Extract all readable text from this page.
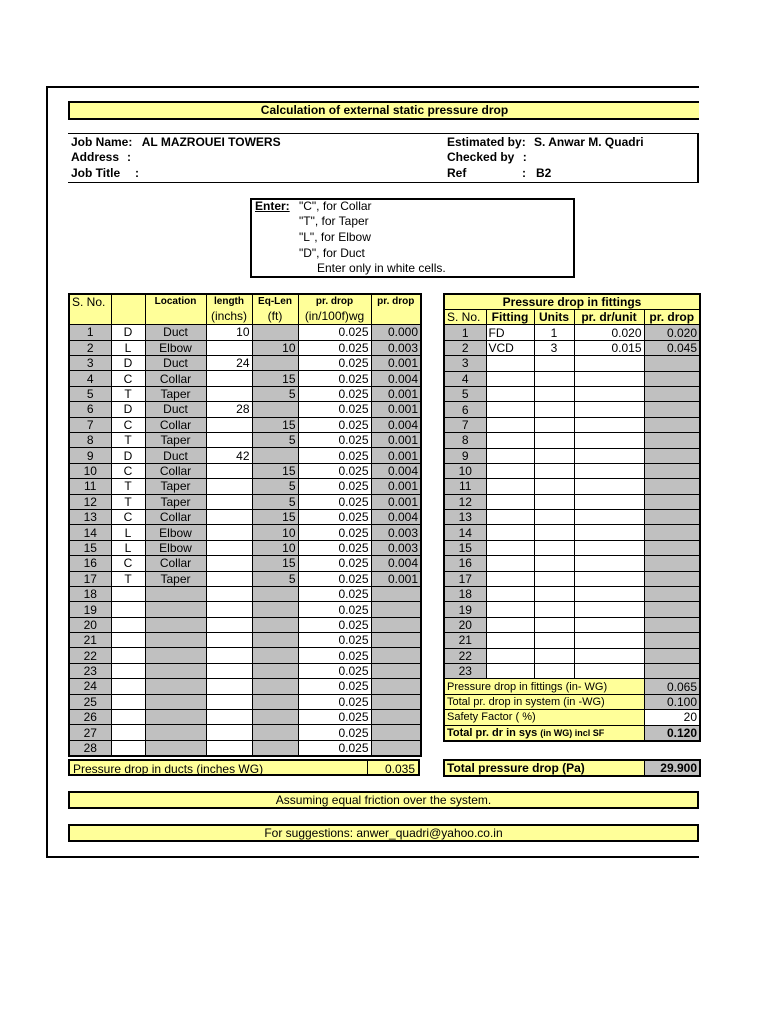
Calculation of external static pressure drop
Job Name: AL MAZROUEI TOWERS
Address :
Job Title :
Estimated by: S. Anwar M. Quadri
Checked by :
Ref	: B2
Enter: "C", for Collar
"T", for Taper
"L", for Elbow
"D", for Duct
Enter only in white cells.
S. No.		Location	length	Eq-Len	pr. drop	pr. drop
			(inchs)	(ft)	(in/100f)wg	
1	D	Duct	10		0.025	0.000
2	L	Elbow		10	0.025	0.003
3	D	Duct	24		0.025	0.001
4	C	Collar		15	0.025	0.004
5	T	Taper		5	0.025	0.001
6	D	Duct	28		0.025	0.001
7	C	Collar		15	0.025	0.004
8	T	Taper		5	0.025	0.001
9	D	Duct	42		0.025	0.001
10	C	Collar		15	0.025	0.004
11	T	Taper		5	0.025	0.001
12	T	Taper		5	0.025	0.001
13	C	Collar		15	0.025	0.004
14	L	Elbow		10	0.025	0.003
15	L	Elbow		10	0.025	0.003
16	C	Collar		15	0.025	0.004
17	T	Taper		5	0.025	0.001
18					0.025	
19					0.025	
20					0.025	
21					0.025	
22					0.025	
23					0.025	
24					0.025	
25					0.025	
26					0.025	
27					0.025	
28					0.025	
Pressure drop in ducts (inches WG)	0.035
Pressure drop in fittings				
S. No.	Fitting	Units	pr. dr/unit	pr. drop
1	FD	1	0.020	0.020
2	VCD	3	0.015	0.045
3				
4				
5				
6				
7				
8				
9				
10				
11				
12				
13				
14				
15				
16				
17				
18				
19				
20				
21				
22				
23				
Pressure drop in fittings (in- WG)				0.065
Total pr. drop in system (in -WG)				0.100
Safety Factor ( %)				20
Total pr. dr in sys (in WG) incl SF				0.120
Total pressure drop (Pa)	29.900
Assuming equal friction over the system.
For suggestions: anwer_quadri@yahoo.co.in
